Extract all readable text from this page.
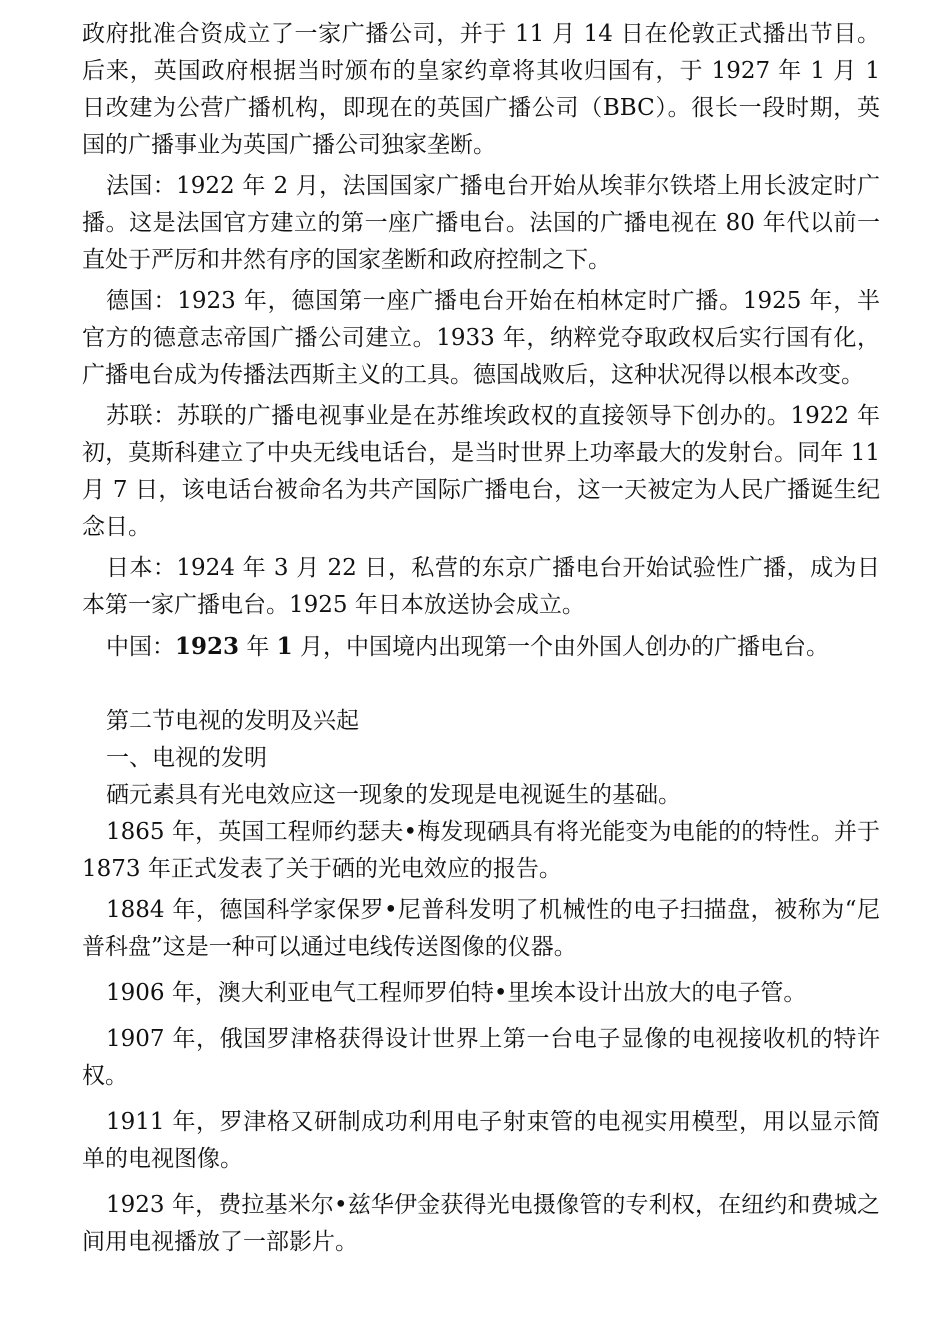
政府批准合资成立了一家广播公司，并于 11 月 14 日在伦敦正式播出节目。后来，英国政府根据当时颁布的皇家约章将其收归国有，于 1927 年 1 月 1 日改建为公营广播机构，即现在的英国广播公司（BBC）。很长一段时期，英国的广播事业为英国广播公司独家垄断。

法国：1922 年 2 月，法国国家广播电台开始从埃菲尔铁塔上用长波定时广播。这是法国官方建立的第一座广播电台。法国的广播电视在 80 年代以前一直处于严厉和井然有序的国家垄断和政府控制之下。

德国：1923 年，德国第一座广播电台开始在柏林定时广播。1925 年，半官方的德意志帝国广播公司建立。1933 年，纳粹党夺取政权后实行国有化，广播电台成为传播法西斯主义的工具。德国战败后，这种状况得以根本改变。

苏联：苏联的广播电视事业是在苏维埃政权的直接领导下创办的。1922 年初，莫斯科建立了中央无线电话台，是当时世界上功率最大的发射台。同年 11 月 7 日，该电话台被命名为共产国际广播电台，这一天被定为人民广播诞生纪念日。

日本：1924 年 3 月 22 日，私营的东京广播电台开始试验性广播，成为日本第一家广播电台。1925 年日本放送协会成立。

中国：1923 年 1 月，中国境内出现第一个由外国人创办的广播电台。

第二节电视的发明及兴起

一、电视的发明

硒元素具有光电效应这一现象的发现是电视诞生的基础。

1865 年，英国工程师约瑟夫•梅发现硒具有将光能变为电能的的特性。并于 1873 年正式发表了关于硒的光电效应的报告。

1884 年，德国科学家保罗•尼普科发明了机械性的电子扫描盘，被称为“尼普科盘”这是一种可以通过电线传送图像的仪器。

1906 年，澳大利亚电气工程师罗伯特•里埃本设计出放大的电子管。

1907 年，俄国罗津格获得设计世界上第一台电子显像的电视接收机的特许权。

1911 年，罗津格又研制成功利用电子射束管的电视实用模型，用以显示简单的电视图像。

1923 年，费拉基米尔•兹华伊金获得光电摄像管的专利权，在纽约和费城之间用电视播放了一部影片。
